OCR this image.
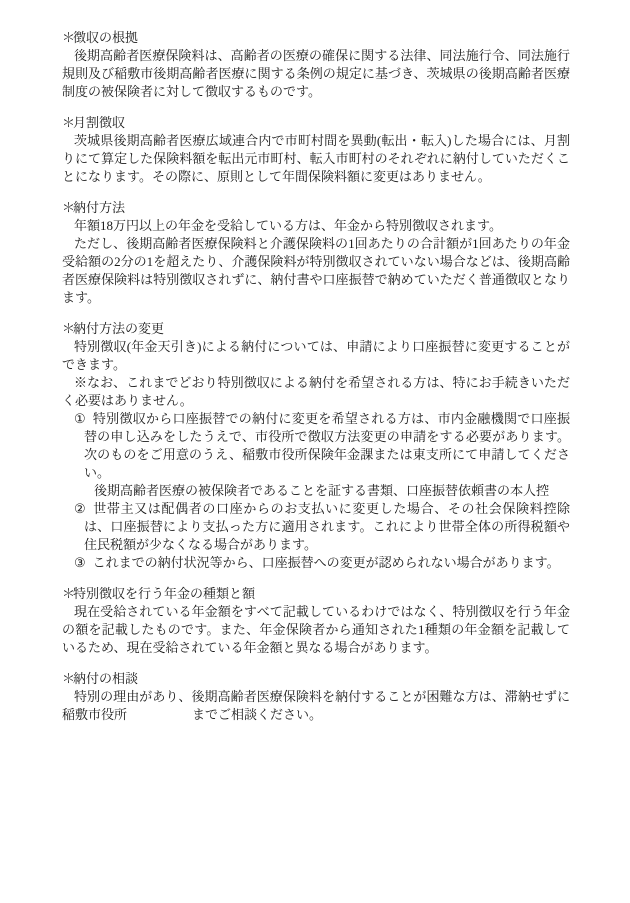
＊徴収の根拠
後期高齢者医療保険料は、高齢者の医療の確保に関する法律、同法施行令、同法施行規則及び稲敷市後期高齢者医療に関する条例の規定に基づき、茨城県の後期高齢者医療制度の被保険者に対して徴収するものです。
＊月割徴収
茨城県後期高齢者医療広域連合内で市町村間を異動(転出・転入)した場合には、月割りにて算定した保険料額を転出元市町村、転入市町村のそれぞれに納付していただくことになります。その際に、原則として年間保険料額に変更はありません。
＊納付方法
年額18万円以上の年金を受給している方は、年金から特別徴収されます。
ただし、後期高齢者医療保険料と介護保険料の1回あたりの合計額が1回あたりの年金受給額の2分の1を超えたり、介護保険料が特別徴収されていない場合などは、後期高齢者医療保険料は特別徴収されずに、納付書や口座振替で納めていただく普通徴収となります。
＊納付方法の変更
特別徴収(年金天引き)による納付については、申請により口座振替に変更することができます。
※なお、これまでどおり特別徴収による納付を希望される方は、特にお手続きいただく必要はありません。
① 特別徴収から口座振替での納付に変更を希望される方は、市内金融機関で口座振替の申し込みをしたうえで、市役所で徴収方法変更の申請をする必要があります。次のものをご用意のうえ、稲敷市役所保険年金課または東支所にて申請してください。
後期高齢者医療の被保険者であることを証する書類、口座振替依頼書の本人控
② 世帯主又は配偶者の口座からのお支払いに変更した場合、その社会保険料控除は、口座振替により支払った方に適用されます。これにより世帯全体の所得税額や住民税額が少なくなる場合があります。
③ これまでの納付状況等から、口座振替への変更が認められない場合があります。
＊特別徴収を行う年金の種類と額
現在受給されている年金額をすべて記載しているわけではなく、特別徴収を行う年金の額を記載したものです。また、年金保険者から通知された1種類の年金額を記載しているため、現在受給されている年金額と異なる場合があります。
＊納付の相談
特別の理由があり、後期高齢者医療保険料を納付することが困難な方は、滞納せずに稲敷市役所　　　　　までご相談ください。
